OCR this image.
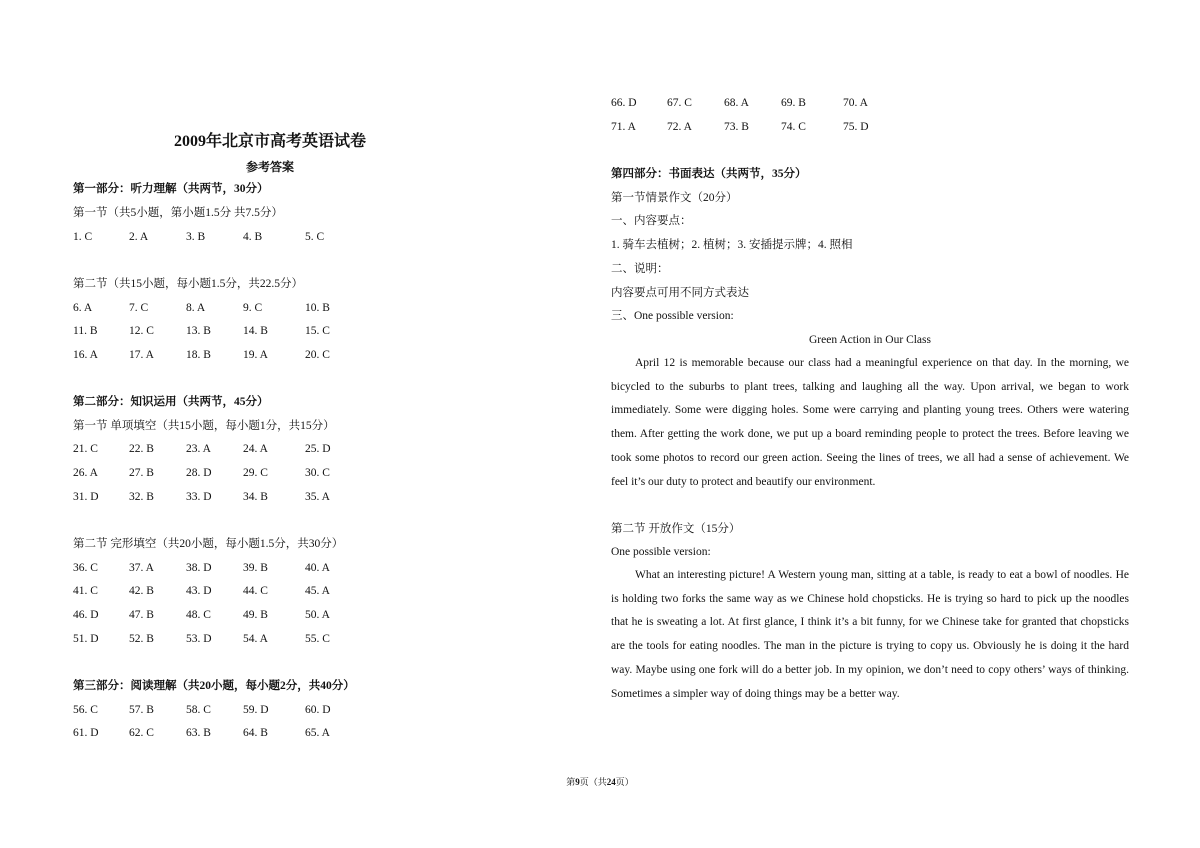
2009年北京市高考英语试卷
参考答案
第一部分：听力理解（共两节，30分）
第一节（共5小题，第小题1.5分 共7.5分）
1. C	2. A	3. B	4. B	5. C
第二节（共15小题，每小题1.5分，共22.5分）
6. A	7. C	8. A	9. C	10. B
11. B	12. C	13. B	14. B	15. C
16. A	17. A	18. B	19. A	20. C
第二部分：知识运用（共两节，45分）
第一节 单项填空（共15小题，每小题1分，共15分）
21. C	22. B	23. A	24. A	25. D
26. A	27. B	28. D	29. C	30. C
31. D	32. B	33. D	34. B	35. A
第二节 完形填空（共20小题，每小题1.5分，共30分）
36. C	37. A	38. D	39. B	40. A
41. C	42. B	43. D	44. C	45. A
46. D	47. B	48. C	49. B	50. A
51. D	52. B	53. D	54. A	55. C
第三部分：阅读理解（共20小题，每小题2分，共40分）
56. C	57. B	58. C	59. D	60. D
61. D	62. C	63. B	64. B	65. A
66. D	67. C	68. A	69. B	70. A
71. A	72. A	73. B	74. C	75. D
第四部分：书面表达（共两节，35分）
第一节情景作文（20分）
一、内容要点：
1. 骑车去植树；2. 植树；3. 安插提示牌；4. 照相
二、说明：
内容要点可用不同方式表达
三、One possible version:
Green Action in Our Class
April 12 is memorable because our class had a meaningful experience on that day. In the morning, we bicycled to the suburbs to plant trees, talking and laughing all the way. Upon arrival, we began to work immediately. Some were digging holes. Some were carrying and planting young trees. Others were watering them. After getting the work done, we put up a board reminding people to protect the trees. Before leaving we took some photos to record our green action. Seeing the lines of trees, we all had a sense of achievement. We feel it’s our duty to protect and beautify our environment.
第二节 开放作文（15分）
One possible version:
What an interesting picture! A Western young man, sitting at a table, is ready to eat a bowl of noodles. He is holding two forks the same way as we Chinese hold chopsticks. He is trying so hard to pick up the noodles that he is sweating a lot. At first glance, I think it’s a bit funny, for we Chinese take for granted that chopsticks are the tools for eating noodles. The man in the picture is trying to copy us. Obviously he is doing it the hard way. Maybe using one fork will do a better job. In my opinion, we don’t need to copy others’ ways of thinking. Sometimes a simpler way of doing things may be a better way.
第9页（共24页）
